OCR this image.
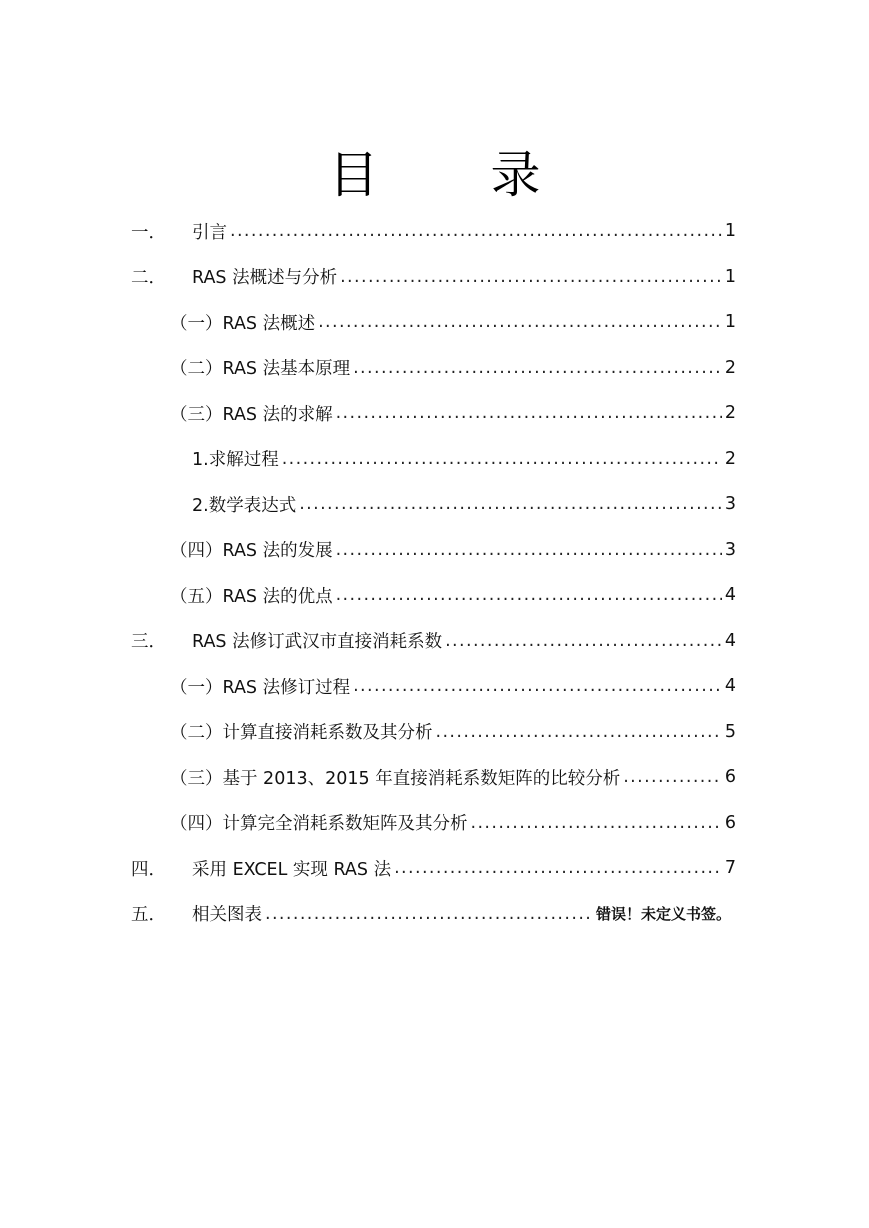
目 录
一．	引言 .....	1
二．	RAS 法概述与分析 .....	1
（一）RAS 法概述 .....	1
（二）RAS 法基本原理 .....	2
（三）RAS 法的求解 .....	2
1.求解过程 .....	2
2.数学表达式 .....	3
（四）RAS 法的发展 .....	3
（五）RAS 法的优点 .....	4
三．	RAS 法修订武汉市直接消耗系数 .....	4
（一）RAS 法修订过程 .....	4
（二）计算直接消耗系数及其分析 .....	5
（三）基于 2013、2015 年直接消耗系数矩阵的比较分析 .....	6
（四）计算完全消耗系数矩阵及其分析 .....	6
四．	采用 EXCEL 实现 RAS 法 .....	7
五．	相关图表 .....	错误！未定义书签。
